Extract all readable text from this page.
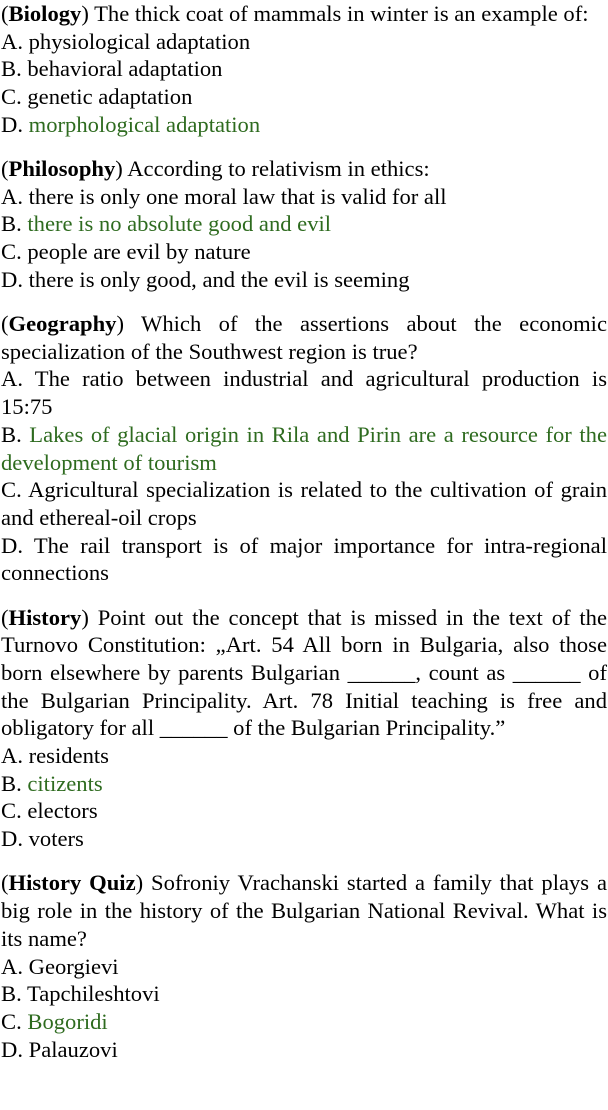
(Biology) The thick coat of mammals in winter is an example of:
A. physiological adaptation
B. behavioral adaptation
C. genetic adaptation
D. morphological adaptation
(Philosophy) According to relativism in ethics:
A. there is only one moral law that is valid for all
B. there is no absolute good and evil
C. people are evil by nature
D. there is only good, and the evil is seeming
(Geography) Which of the assertions about the economic specialization of the Southwest region is true?
A. The ratio between industrial and agricultural production is 15:75
B. Lakes of glacial origin in Rila and Pirin are a resource for the development of tourism
C. Agricultural specialization is related to the cultivation of grain and ethereal-oil crops
D. The rail transport is of major importance for intra-regional connections
(History) Point out the concept that is missed in the text of the Turnovo Constitution: „Art. 54 All born in Bulgaria, also those born elsewhere by parents Bulgarian ______, count as ______ of the Bulgarian Principality. Art. 78 Initial teaching is free and obligatory for all ______ of the Bulgarian Principality.”
A. residents
B. citizents
C. electors
D. voters
(History Quiz) Sofroniy Vrachanski started a family that plays a big role in the history of the Bulgarian National Revival. What is its name?
A. Georgievi
B. Tapchileshtovi
C. Bogoridi
D. Palauzovi
